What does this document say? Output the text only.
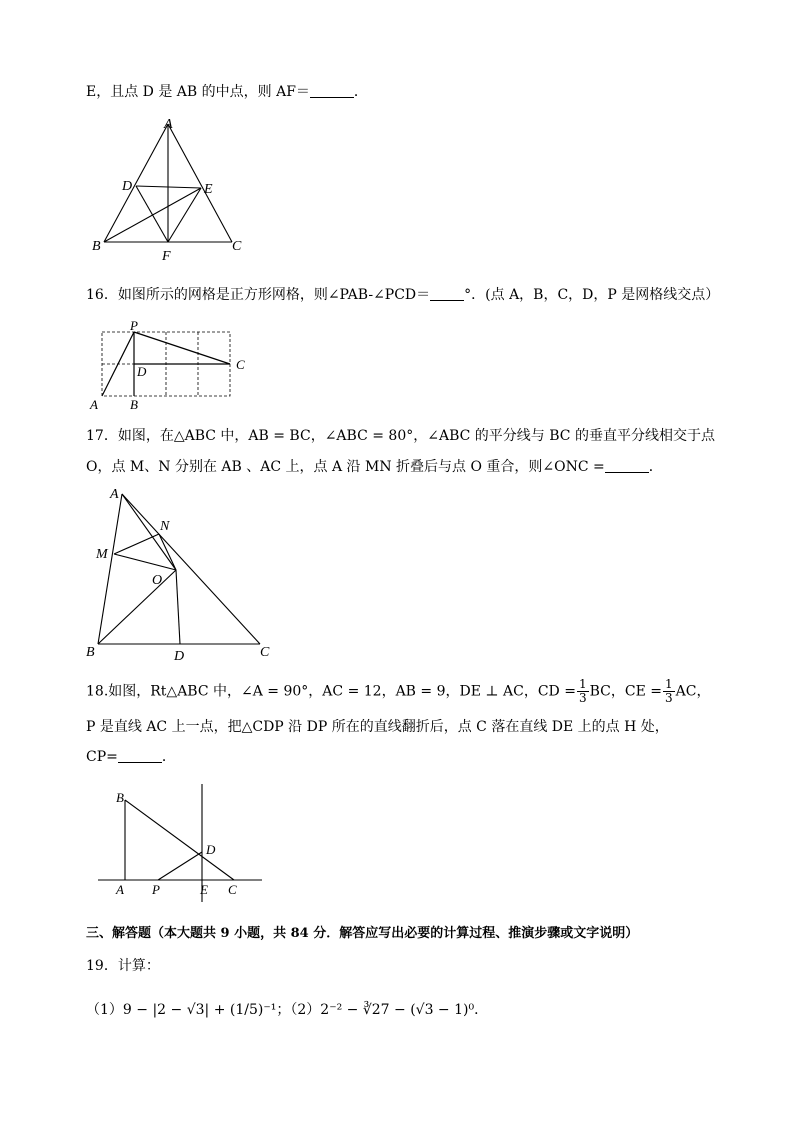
E，且点 D 是 AB 的中点，则 AF＝	．
A
D	E
B	C
F
16．如图所示的网格是正方形网格，则∠PAB-∠PCD＝ °．(点 A，B，C，D，P 是网格线交点）
P
A B
C
D
17．如图，在△ABC 中，AB = BC，∠ABC = 80°，∠ABC 的平分线与 BC 的垂直平分线相交于点
O，点 M、N 分别在 AB 、AC 上，点 A 沿 MN 折叠后与点 O 重合，则∠ONC =	．
A
N
M
O
B	D	C
18.如图，Rt△ABC 中，∠A = 90°，AC = 12，AB = 9，DE ⊥ AC，CD = $\frac{1}{3}$ BC，CE = $\frac{1}{3}$ AC，
P 是直线 AC 上一点，把△CDP 沿 DP 所在的直线翻折后，点 C 落在直线 DE 上的点 H 处，
CP=	．
B
D
A P	E C
三、解答题（本大题共 9 小题，共 84 分．解答应写出必要的计算过程、推演步骤或文字说明）
19．计算：
（1）9 − |2 − √3| + (1/5)⁻¹；（2）2⁻² − ∛27 − (√3 − 1)⁰．
